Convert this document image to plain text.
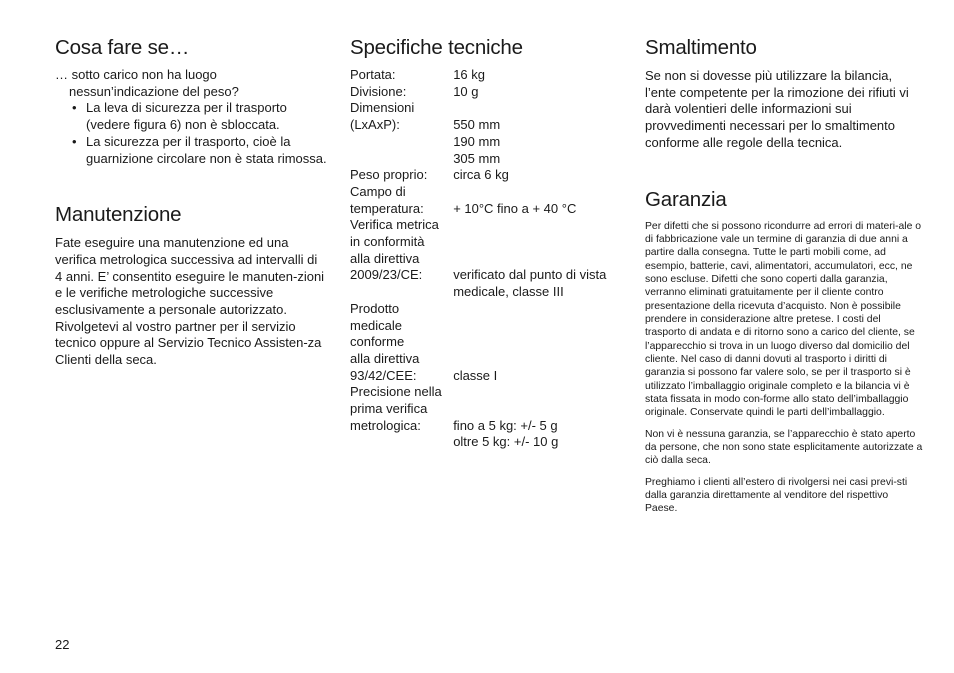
Cosa fare se…
… sotto carico non ha luogo
nessun’indicazione del peso?
• La leva di sicurezza per il trasporto (vedere figura 6) non è sbloccata.
• La sicurezza per il trasporto, cioè la guarnizione circolare non è stata rimossa.
Manutenzione

Fate eseguire una manutenzione ed una verifica metrologica successiva ad intervalli di 4 anni. E’ consentito eseguire le manuten-zioni e le verifiche metrologiche successive esclusivamente a personale autorizzato. Rivolgetevi al vostro partner per il servizio tecnico oppure al Servizio Tecnico Assisten-za Clienti della seca.

Specifiche tecniche
Portata:	16 kg
Divisione:	10 g
Dimensioni	
(LxAxP):	550 mm
	190 mm
	305 mm
Peso proprio:	circa 6 kg
Campo di	
temperatura:	+ 10°C fino a + 40 °C
Verifica metrica	
in conformità	
alla direttiva	
2009/23/CE:	verificato dal punto di vista
	medicale, classe III
Prodotto	
medicale conforme	
alla direttiva	
93/42/CEE:	classe I
Precisione nella	
prima verifica	
metrologica:	fino a 5 kg: +/- 5 g
	oltre 5 kg: +/- 10 g
Smaltimento

Se non si dovesse più utilizzare la bilancia, l’ente competente per la rimozione dei rifiuti vi darà volentieri delle informazioni sui provvedimenti necessari per lo smaltimento conforme alle regole della tecnica.

Garanzia

Per difetti che si possono ricondurre ad errori di materi-ale o di fabbricazione vale un termine di garanzia di due anni a partire dalla consegna. Tutte le parti mobili come, ad esempio, batterie, cavi, alimentatori, accumulatori, ecc, ne sono escluse. Difetti che sono coperti dalla garanzia, verranno eliminati gratuitamente per il cliente contro presentazione della ricevuta d’acquisto. Non è possibile prendere in considerazione altre pretese. I costi del trasporto di andata e di ritorno sono a carico del cliente, se l’apparecchio si trova in un luogo diverso dal domicilio del cliente. Nel caso di danni dovuti al trasporto i diritti di garanzia si possono far valere solo, se per il trasporto si è utilizzato l’imballaggio originale completo e la bilancia vi è stata fissata in modo con-forme allo stato dell’imballaggio originale. Conservate quindi le parti dell’imballaggio.

Non vi è nessuna garanzia, se l’apparecchio è stato aperto da persone, che non sono state esplicitamente autorizzate a ciò dalla seca.

Preghiamo i clienti all’estero di rivolgersi nei casi previ-sti dalla garanzia direttamente al venditore del rispettivo Paese.

22
